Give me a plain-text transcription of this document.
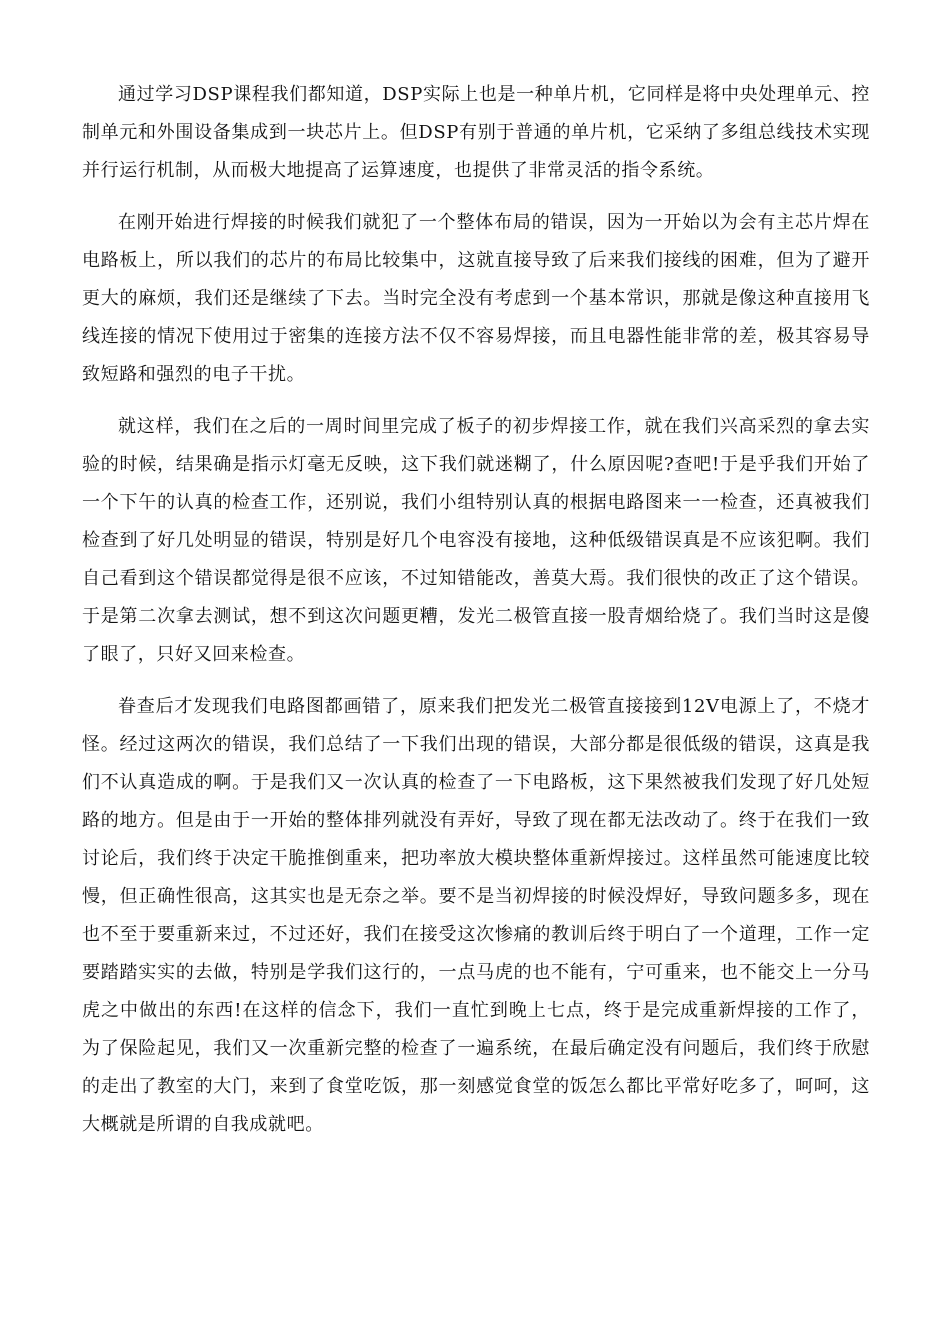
通过学习DSP课程我们都知道，DSP实际上也是一种单片机，它同样是将中央处理单元、控制单元和外围设备集成到一块芯片上。但DSP有别于普通的单片机，它采纳了多组总线技术实现并行运行机制，从而极大地提高了运算速度，也提供了非常灵活的指令系统。

在刚开始进行焊接的时候我们就犯了一个整体布局的错误，因为一开始以为会有主芯片焊在电路板上，所以我们的芯片的布局比较集中，这就直接导致了后来我们接线的困难，但为了避开更大的麻烦，我们还是继续了下去。当时完全没有考虑到一个基本常识，那就是像这种直接用飞线连接的情况下使用过于密集的连接方法不仅不容易焊接，而且电器性能非常的差，极其容易导致短路和强烈的电子干扰。

就这样，我们在之后的一周时间里完成了板子的初步焊接工作，就在我们兴高采烈的拿去实验的时候，结果确是指示灯毫无反映，这下我们就迷糊了，什么原因呢?查吧!于是乎我们开始了一个下午的认真的检查工作，还别说，我们小组特别认真的根据电路图来一一检查，还真被我们检查到了好几处明显的错误，特别是好几个电容没有接地，这种低级错误真是不应该犯啊。我们自己看到这个错误都觉得是很不应该，不过知错能改，善莫大焉。我们很快的改正了这个错误。于是第二次拿去测试，想不到这次问题更糟，发光二极管直接一股青烟给烧了。我们当时这是傻了眼了，只好又回来检查。

眷查后才发现我们电路图都画错了，原来我们把发光二极管直接接到12V电源上了，不烧才怪。经过这两次的错误，我们总结了一下我们出现的错误，大部分都是很低级的错误，这真是我们不认真造成的啊。于是我们又一次认真的检查了一下电路板，这下果然被我们发现了好几处短路的地方。但是由于一开始的整体排列就没有弄好，导致了现在都无法改动了。终于在我们一致讨论后，我们终于决定干脆推倒重来，把功率放大模块整体重新焊接过。这样虽然可能速度比较慢，但正确性很高，这其实也是无奈之举。要不是当初焊接的时候没焊好，导致问题多多，现在也不至于要重新来过，不过还好，我们在接受这次惨痛的教训后终于明白了一个道理，工作一定要踏踏实实的去做，特别是学我们这行的，一点马虎的也不能有，宁可重来，也不能交上一分马虎之中做出的东西!在这样的信念下，我们一直忙到晚上七点，终于是完成重新焊接的工作了，为了保险起见，我们又一次重新完整的检查了一遍系统，在最后确定没有问题后，我们终于欣慰的走出了教室的大门，来到了食堂吃饭，那一刻感觉食堂的饭怎么都比平常好吃多了，呵呵，这大概就是所谓的自我成就吧。
